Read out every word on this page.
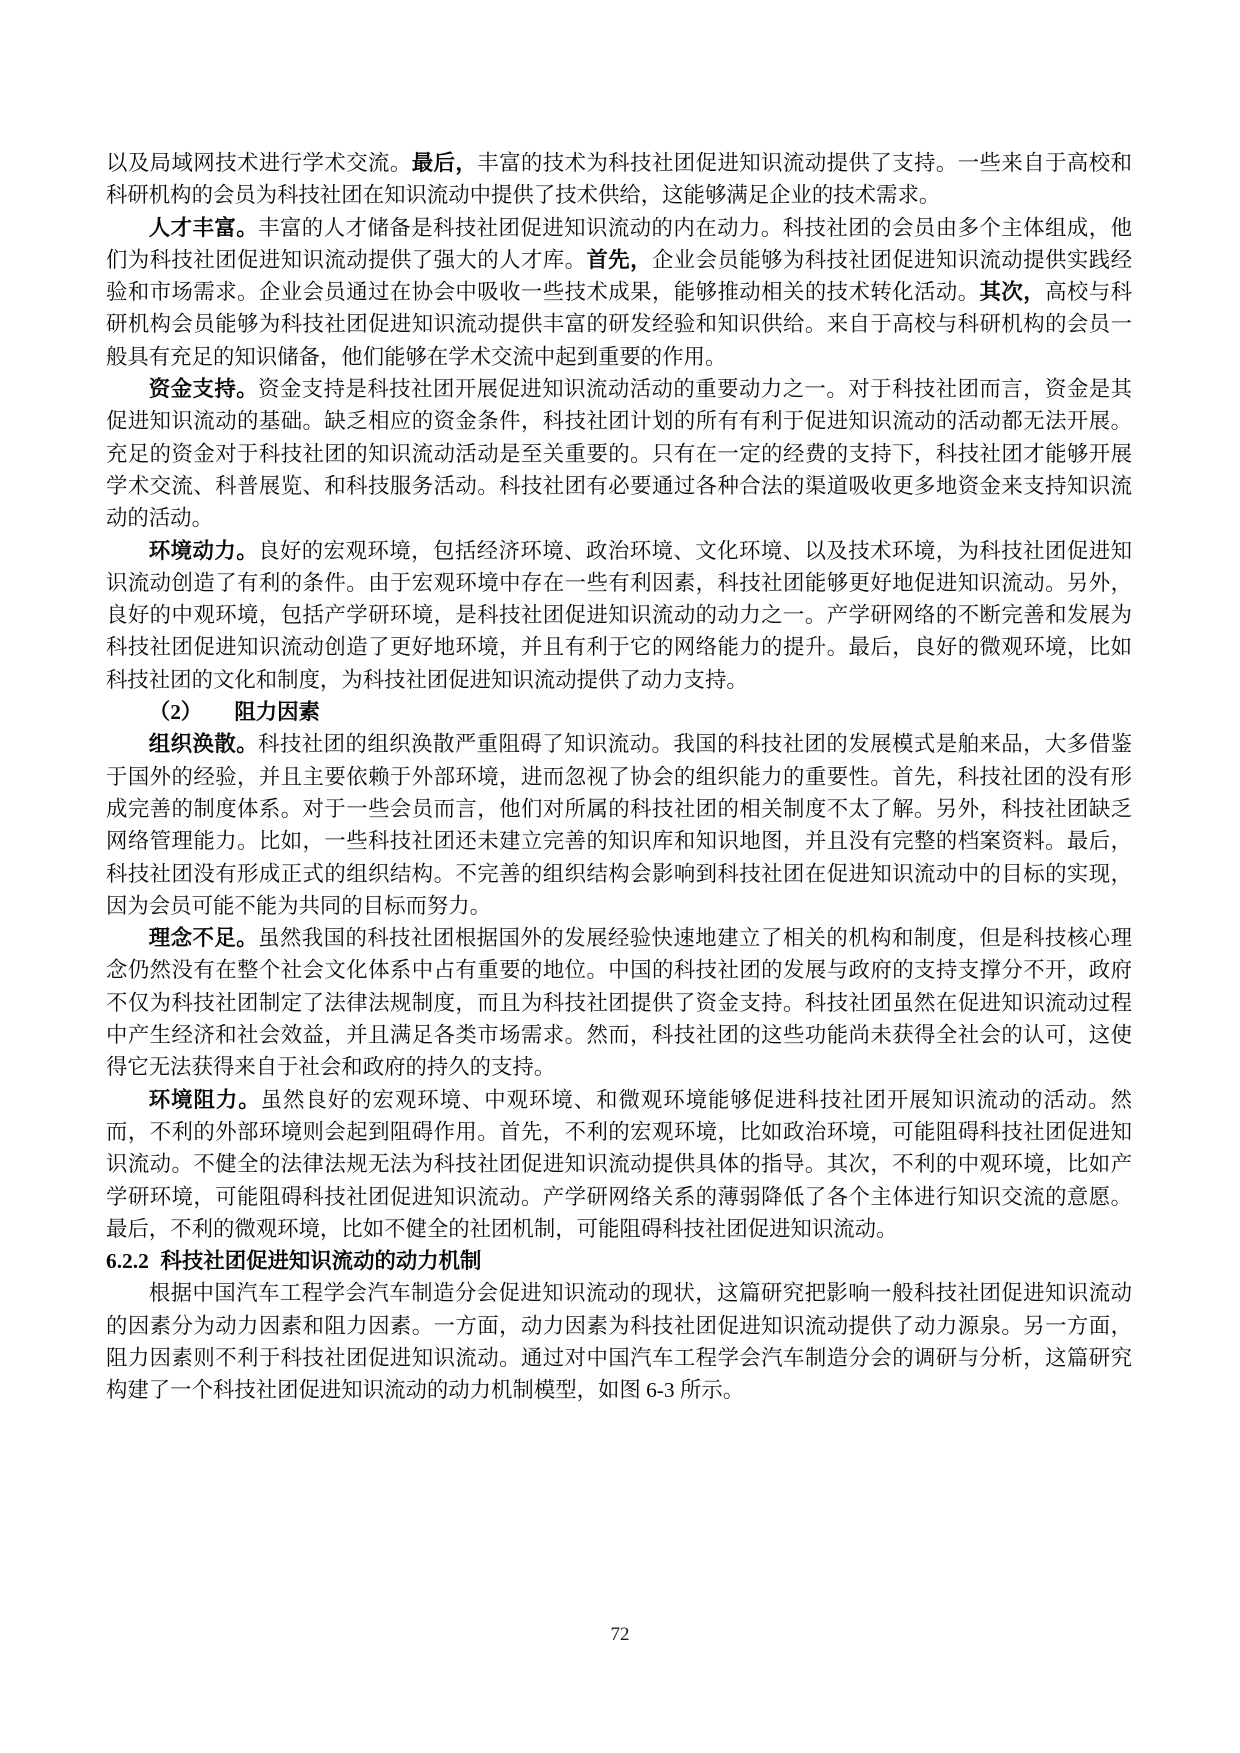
以及局域网技术进行学术交流。最后，丰富的技术为科技社团促进知识流动提供了支持。一些来自于高校和科研机构的会员为科技社团在知识流动中提供了技术供给，这能够满足企业的技术需求。

人才丰富。丰富的人才储备是科技社团促进知识流动的内在动力。科技社团的会员由多个主体组成，他们为科技社团促进知识流动提供了强大的人才库。首先，企业会员能够为科技社团促进知识流动提供实践经验和市场需求。企业会员通过在协会中吸收一些技术成果，能够推动相关的技术转化活动。其次，高校与科研机构会员能够为科技社团促进知识流动提供丰富的研发经验和知识供给。来自于高校与科研机构的会员一般具有充足的知识储备，他们能够在学术交流中起到重要的作用。

资金支持。资金支持是科技社团开展促进知识流动活动的重要动力之一。对于科技社团而言，资金是其促进知识流动的基础。缺乏相应的资金条件，科技社团计划的所有有利于促进知识流动的活动都无法开展。充足的资金对于科技社团的知识流动活动是至关重要的。只有在一定的经费的支持下，科技社团才能够开展学术交流、科普展览、和科技服务活动。科技社团有必要通过各种合法的渠道吸收更多地资金来支持知识流动的活动。

环境动力。良好的宏观环境，包括经济环境、政治环境、文化环境、以及技术环境，为科技社团促进知识流动创造了有利的条件。由于宏观环境中存在一些有利因素，科技社团能够更好地促进知识流动。另外，良好的中观环境，包括产学研环境，是科技社团促进知识流动的动力之一。产学研网络的不断完善和发展为科技社团促进知识流动创造了更好地环境，并且有利于它的网络能力的提升。最后，良好的微观环境，比如科技社团的文化和制度，为科技社团促进知识流动提供了动力支持。

（2） 阻力因素

组织涣散。科技社团的组织涣散严重阻碍了知识流动。我国的科技社团的发展模式是舶来品，大多借鉴于国外的经验，并且主要依赖于外部环境，进而忽视了协会的组织能力的重要性。首先，科技社团的没有形成完善的制度体系。对于一些会员而言，他们对所属的科技社团的相关制度不太了解。另外，科技社团缺乏网络管理能力。比如，一些科技社团还未建立完善的知识库和知识地图，并且没有完整的档案资料。最后，科技社团没有形成正式的组织结构。不完善的组织结构会影响到科技社团在促进知识流动中的目标的实现，因为会员可能不能为共同的目标而努力。

理念不足。虽然我国的科技社团根据国外的发展经验快速地建立了相关的机构和制度，但是科技核心理念仍然没有在整个社会文化体系中占有重要的地位。中国的科技社团的发展与政府的支持支撑分不开，政府不仅为科技社团制定了法律法规制度，而且为科技社团提供了资金支持。科技社团虽然在促进知识流动过程中产生经济和社会效益，并且满足各类市场需求。然而，科技社团的这些功能尚未获得全社会的认可，这使得它无法获得来自于社会和政府的持久的支持。

环境阻力。虽然良好的宏观环境、中观环境、和微观环境能够促进科技社团开展知识流动的活动。然而，不利的外部环境则会起到阻碍作用。首先，不利的宏观环境，比如政治环境，可能阻碍科技社团促进知识流动。不健全的法律法规无法为科技社团促进知识流动提供具体的指导。其次，不利的中观环境，比如产学研环境，可能阻碍科技社团促进知识流动。产学研网络关系的薄弱降低了各个主体进行知识交流的意愿。最后，不利的微观环境，比如不健全的社团机制，可能阻碍科技社团促进知识流动。

6.2.2 科技社团促进知识流动的动力机制

根据中国汽车工程学会汽车制造分会促进知识流动的现状，这篇研究把影响一般科技社团促进知识流动的因素分为动力因素和阻力因素。一方面，动力因素为科技社团促进知识流动提供了动力源泉。另一方面，阻力因素则不利于科技社团促进知识流动。通过对中国汽车工程学会汽车制造分会的调研与分析，这篇研究构建了一个科技社团促进知识流动的动力机制模型，如图 6-3 所示。

72
